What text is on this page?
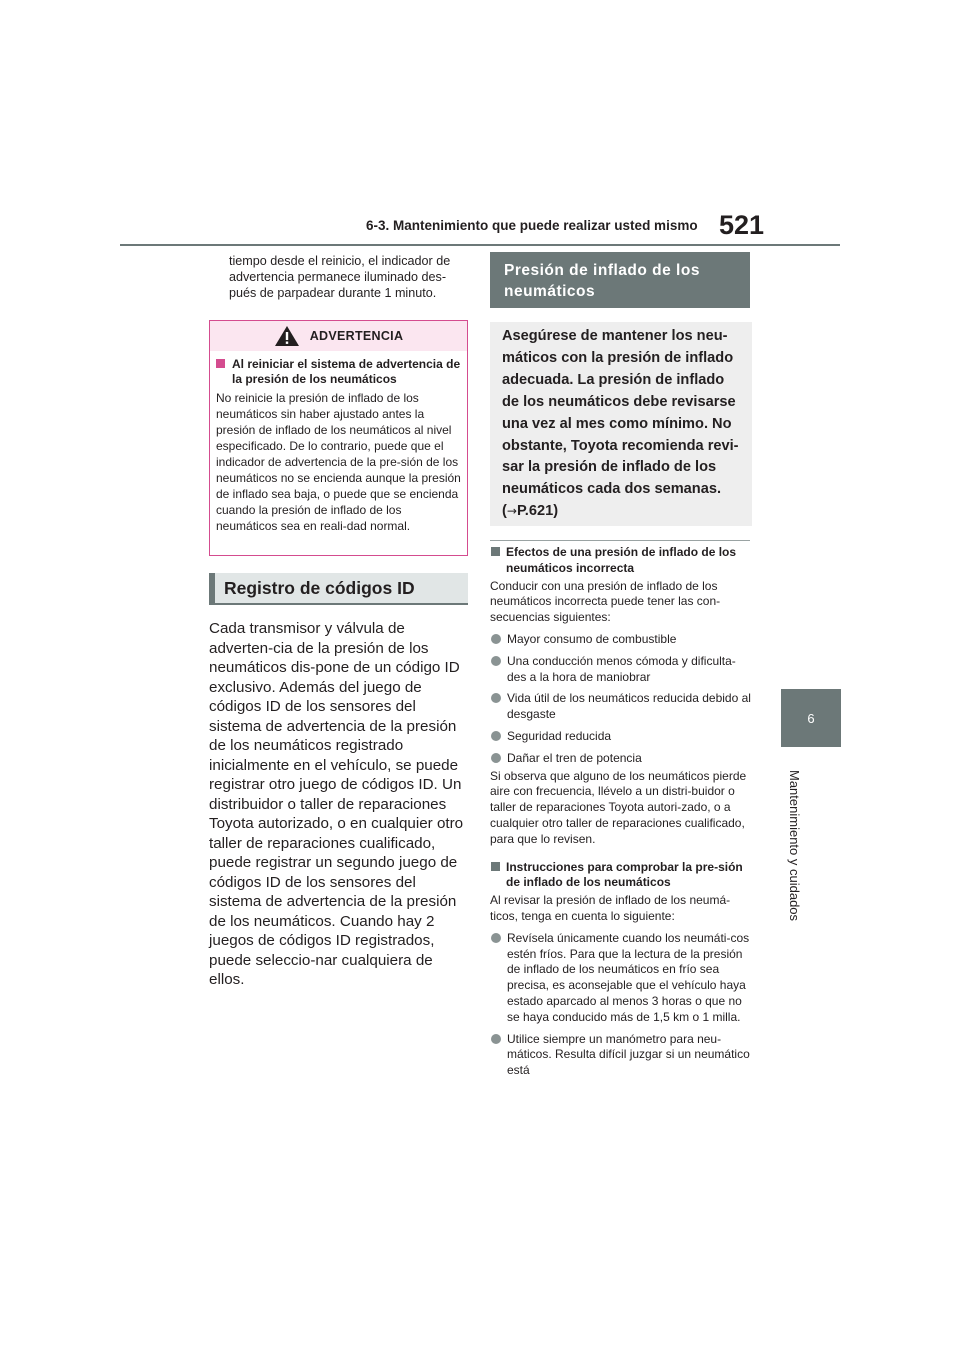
6-3. Mantenimiento que puede realizar usted mismo 521
6
Mantenimiento y cuidados
tiempo desde el reinicio, el indicador de advertencia permanece iluminado des-pués de parpadear durante 1 minuto.
ADVERTENCIA
Al reiniciar el sistema de advertencia de la presión de los neumáticos
No reinicie la presión de inflado de los neumáticos sin haber ajustado antes la presión de inflado de los neumáticos al nivel especificado. De lo contrario, puede que el indicador de advertencia de la pre-sión de los neumáticos no se encienda aunque la presión de inflado sea baja, o puede que se encienda cuando la presión de inflado de los neumáticos sea en reali-dad normal.
Registro de códigos ID
Cada transmisor y válvula de adverten-cia de la presión de los neumáticos dis-pone de un código ID exclusivo. Además del juego de códigos ID de los sensores del sistema de advertencia de la presión de los neumáticos registrado inicialmente en el vehículo, se puede registrar otro juego de códigos ID. Un distribuidor o taller de reparaciones Toyota autorizado, o en cualquier otro taller de reparaciones cualificado, puede registrar un segundo juego de códigos ID de los sensores del sistema de advertencia de la presión de los neumáticos. Cuando hay 2 juegos de códigos ID registrados, puede seleccio-nar cualquiera de ellos.
Presión de inflado de los neumáticos
Asegúrese de mantener los neu-máticos con la presión de inflado adecuada. La presión de inflado de los neumáticos debe revisarse una vez al mes como mínimo. No obstante, Toyota recomienda revi-sar la presión de inflado de los neumáticos cada dos semanas.
(→P.621)
Efectos de una presión de inflado de los neumáticos incorrecta
Conducir con una presión de inflado de los neumáticos incorrecta puede tener las con-secuencias siguientes:
Mayor consumo de combustible
Una conducción menos cómoda y dificulta-des a la hora de maniobrar
Vida útil de los neumáticos reducida debido al desgaste
Seguridad reducida
Dañar el tren de potencia
Si observa que alguno de los neumáticos pierde aire con frecuencia, llévelo a un distri-buidor o taller de reparaciones Toyota autori-zado, o a cualquier otro taller de reparaciones cualificado, para que lo revisen.
Instrucciones para comprobar la pre-sión de inflado de los neumáticos
Al revisar la presión de inflado de los neumá-ticos, tenga en cuenta lo siguiente:
Revísela únicamente cuando los neumáti-cos estén fríos. Para que la lectura de la presión de inflado de los neumáticos en frío sea precisa, es aconsejable que el vehículo haya estado aparcado al menos 3 horas o que no se haya conducido más de 1,5 km o 1 milla.
Utilice siempre un manómetro para neu-máticos. Resulta difícil juzgar si un neumático está
